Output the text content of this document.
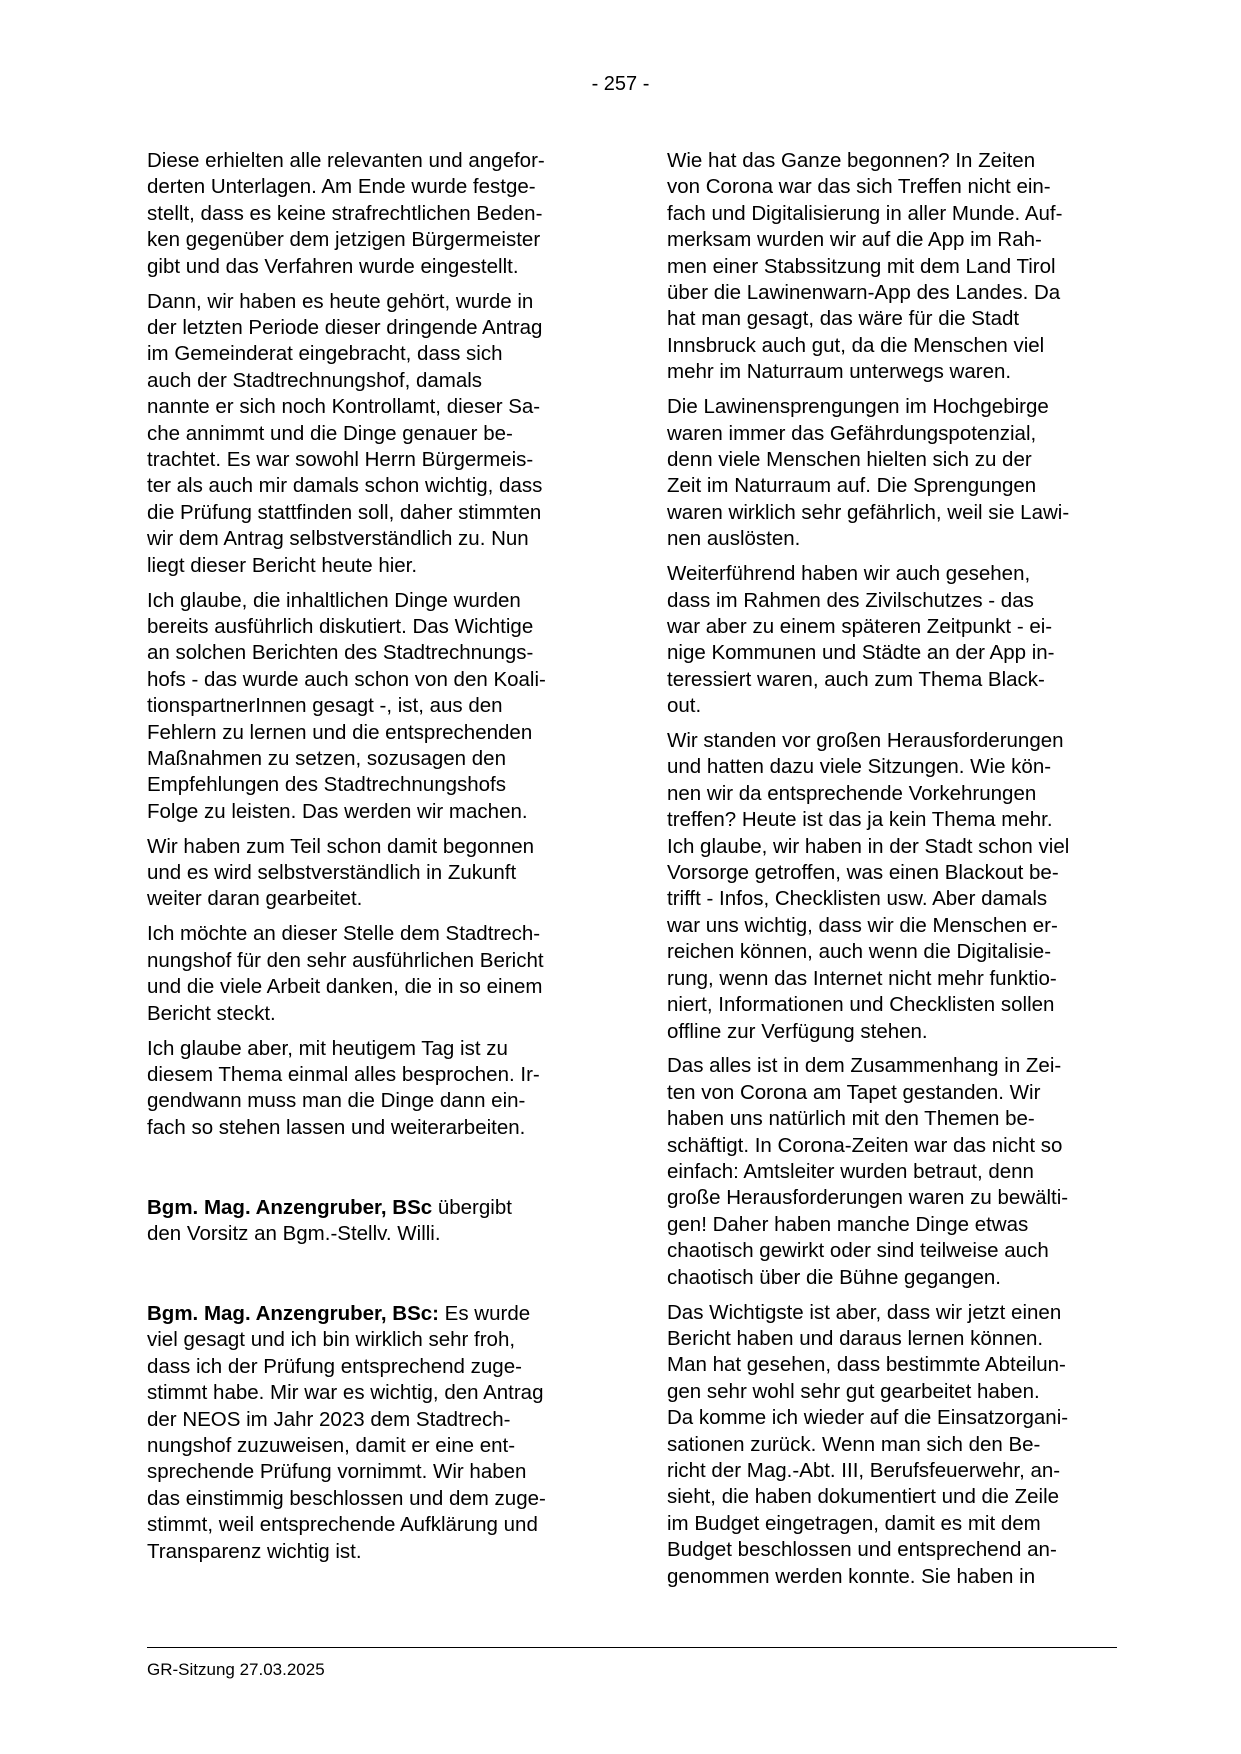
- 257 -

Diese erhielten alle relevanten und angefor-
derten Unterlagen. Am Ende wurde festge-
stellt, dass es keine strafrechtlichen Beden-
ken gegenüber dem jetzigen Bürgermeister
gibt und das Verfahren wurde eingestellt.

Dann, wir haben es heute gehört, wurde in
der letzten Periode dieser dringende Antrag
im Gemeinderat eingebracht, dass sich
auch der Stadtrechnungshof, damals
nannte er sich noch Kontrollamt, dieser Sa-
che annimmt und die Dinge genauer be-
trachtet. Es war sowohl Herrn Bürgermeis-
ter als auch mir damals schon wichtig, dass
die Prüfung stattfinden soll, daher stimmten
wir dem Antrag selbstverständlich zu. Nun
liegt dieser Bericht heute hier.

Ich glaube, die inhaltlichen Dinge wurden
bereits ausführlich diskutiert. Das Wichtige
an solchen Berichten des Stadtrechnungs-
hofs - das wurde auch schon von den Koali-
tionspartnerInnen gesagt -, ist, aus den
Fehlern zu lernen und die entsprechenden
Maßnahmen zu setzen, sozusagen den
Empfehlungen des Stadtrechnungshofs
Folge zu leisten. Das werden wir machen.

Wir haben zum Teil schon damit begonnen
und es wird selbstverständlich in Zukunft
weiter daran gearbeitet.

Ich möchte an dieser Stelle dem Stadtrech-
nungshof für den sehr ausführlichen Bericht
und die viele Arbeit danken, die in so einem
Bericht steckt.

Ich glaube aber, mit heutigem Tag ist zu
diesem Thema einmal alles besprochen. Ir-
gendwann muss man die Dinge dann ein-
fach so stehen lassen und weiterarbeiten.

Bgm. Mag. Anzengruber, BSc übergibt
den Vorsitz an Bgm.-Stellv. Willi.

Bgm. Mag. Anzengruber, BSc: Es wurde
viel gesagt und ich bin wirklich sehr froh,
dass ich der Prüfung entsprechend zuge-
stimmt habe. Mir war es wichtig, den Antrag
der NEOS im Jahr 2023 dem Stadtrech-
nungshof zuzuweisen, damit er eine ent-
sprechende Prüfung vornimmt. Wir haben
das einstimmig beschlossen und dem zuge-
stimmt, weil entsprechende Aufklärung und
Transparenz wichtig ist.

Wie hat das Ganze begonnen? In Zeiten
von Corona war das sich Treffen nicht ein-
fach und Digitalisierung in aller Munde. Auf-
merksam wurden wir auf die App im Rah-
men einer Stabssitzung mit dem Land Tirol
über die Lawinenwarn-App des Landes. Da
hat man gesagt, das wäre für die Stadt
Innsbruck auch gut, da die Menschen viel
mehr im Naturraum unterwegs waren.

Die Lawinensprengungen im Hochgebirge
waren immer das Gefährdungspotenzial,
denn viele Menschen hielten sich zu der
Zeit im Naturraum auf. Die Sprengungen
waren wirklich sehr gefährlich, weil sie Lawi-
nen auslösten.

Weiterführend haben wir auch gesehen,
dass im Rahmen des Zivilschutzes - das
war aber zu einem späteren Zeitpunkt - ei-
nige Kommunen und Städte an der App in-
teressiert waren, auch zum Thema Black-
out.

Wir standen vor großen Herausforderungen
und hatten dazu viele Sitzungen. Wie kön-
nen wir da entsprechende Vorkehrungen
treffen? Heute ist das ja kein Thema mehr.
Ich glaube, wir haben in der Stadt schon viel
Vorsorge getroffen, was einen Blackout be-
trifft - Infos, Checklisten usw. Aber damals
war uns wichtig, dass wir die Menschen er-
reichen können, auch wenn die Digitalisie-
rung, wenn das Internet nicht mehr funktio-
niert, Informationen und Checklisten sollen
offline zur Verfügung stehen.

Das alles ist in dem Zusammenhang in Zei-
ten von Corona am Tapet gestanden. Wir
haben uns natürlich mit den Themen be-
schäftigt. In Corona-Zeiten war das nicht so
einfach: Amtsleiter wurden betraut, denn
große Herausforderungen waren zu bewälti-
gen! Daher haben manche Dinge etwas
chaotisch gewirkt oder sind teilweise auch
chaotisch über die Bühne gegangen.

Das Wichtigste ist aber, dass wir jetzt einen
Bericht haben und daraus lernen können.
Man hat gesehen, dass bestimmte Abteilun-
gen sehr wohl sehr gut gearbeitet haben.
Da komme ich wieder auf die Einsatzorgani-
sationen zurück. Wenn man sich den Be-
richt der Mag.-Abt. III, Berufsfeuerwehr, an-
sieht, die haben dokumentiert und die Zeile
im Budget eingetragen, damit es mit dem
Budget beschlossen und entsprechend an-
genommen werden konnte. Sie haben in

GR-Sitzung 27.03.2025
